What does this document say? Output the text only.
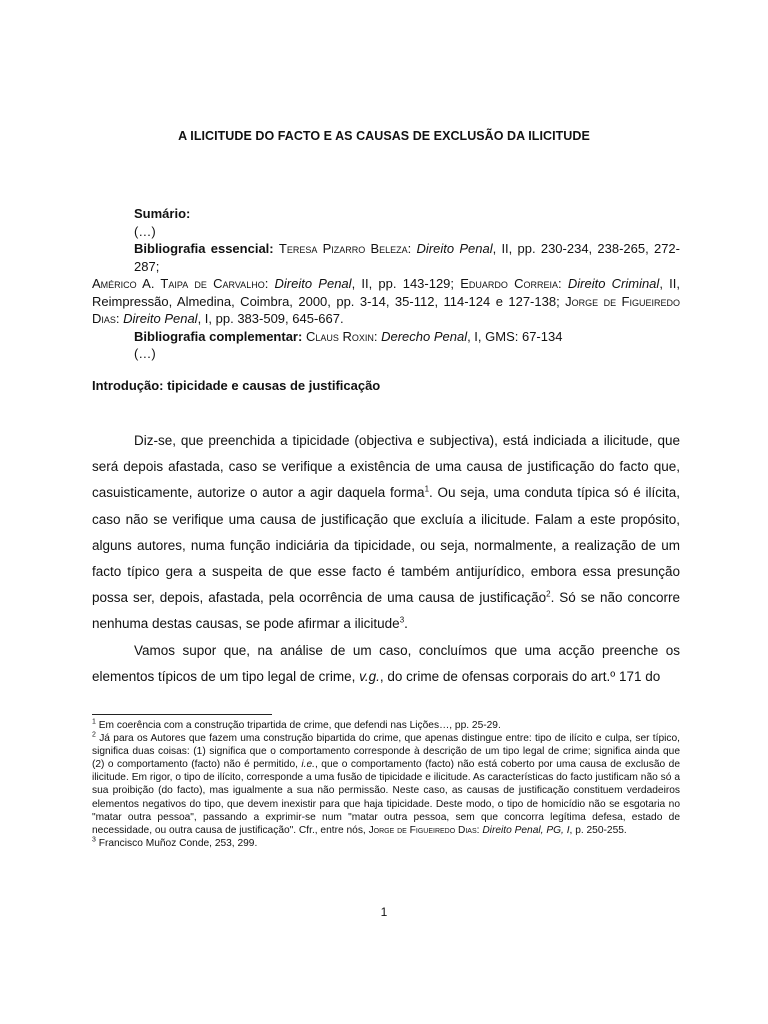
A ILICITUDE DO FACTO E AS CAUSAS DE EXCLUSÃO DA ILICITUDE

Sumário:

(…)

Bibliografia essencial: Teresa Pizarro Beleza: Direito Penal, II, pp. 230-234, 238-265, 272-287;

Américo A. Taipa de Carvalho: Direito Penal, II, pp. 143-129; Eduardo Correia: Direito Criminal, II, Reimpressão, Almedina, Coimbra, 2000, pp. 3-14, 35-112, 114-124 e 127-138; Jorge de Figueiredo Dias: Direito Penal, I, pp. 383-509, 645-667.

Bibliografia complementar: Claus Roxin: Derecho Penal, I, GMS: 67-134

(…)

Introdução: tipicidade e causas de justificação

Diz-se, que preenchida a tipicidade (objectiva e subjectiva), está indiciada a ilicitude, que será depois afastada, caso se verifique a existência de uma causa de justificação do facto que, casuisticamente, autorize o autor a agir daquela forma$^1$. Ou seja, uma conduta típica só é ilícita, caso não se verifique uma causa de justificação que excluía a ilicitude. Falam a este propósito, alguns autores, numa função indiciária da tipicidade, ou seja, normalmente, a realização de um facto típico gera a suspeita de que esse facto é também antijurídico, embora essa presunção possa ser, depois, afastada, pela ocorrência de uma causa de justificação$^2$. Só se não concorre nenhuma destas causas, se pode afirmar a ilicitude$^3$.

Vamos supor que, na análise de um caso, concluímos que uma acção preenche os elementos típicos de um tipo legal de crime, v.g., do crime de ofensas corporais do art.º 171 do

$^1$ Em coerência com a construção tripartida de crime, que defendi nas Lições…, pp. 25-29.

$^2$ Já para os Autores que fazem uma construção bipartida do crime, que apenas distingue entre: tipo de ilícito e culpa, ser típico, significa duas coisas: (1) significa que o comportamento corresponde à descrição de um tipo legal de crime; significa ainda que (2) o comportamento (facto) não é permitido, i.e., que o comportamento (facto) não está coberto por uma causa de exclusão de ilicitude. Em rigor, o tipo de ilícito, corresponde a uma fusão de tipicidade e ilicitude. As características do facto justificam não só a sua proibição (do facto), mas igualmente a sua não permissão. Neste caso, as causas de justificação constituem verdadeiros elementos negativos do tipo, que devem inexistir para que haja tipicidade. Deste modo, o tipo de homicídio não se esgotaria no "matar outra pessoa", passando a exprimir-se num "matar outra pessoa, sem que concorra legítima defesa, estado de necessidade, ou outra causa de justificação". Cfr., entre nós, Jorge de Figueiredo Dias: Direito Penal, PG, I, p. 250-255.

$^3$ Francisco Muñoz Conde, 253, 299.

1
